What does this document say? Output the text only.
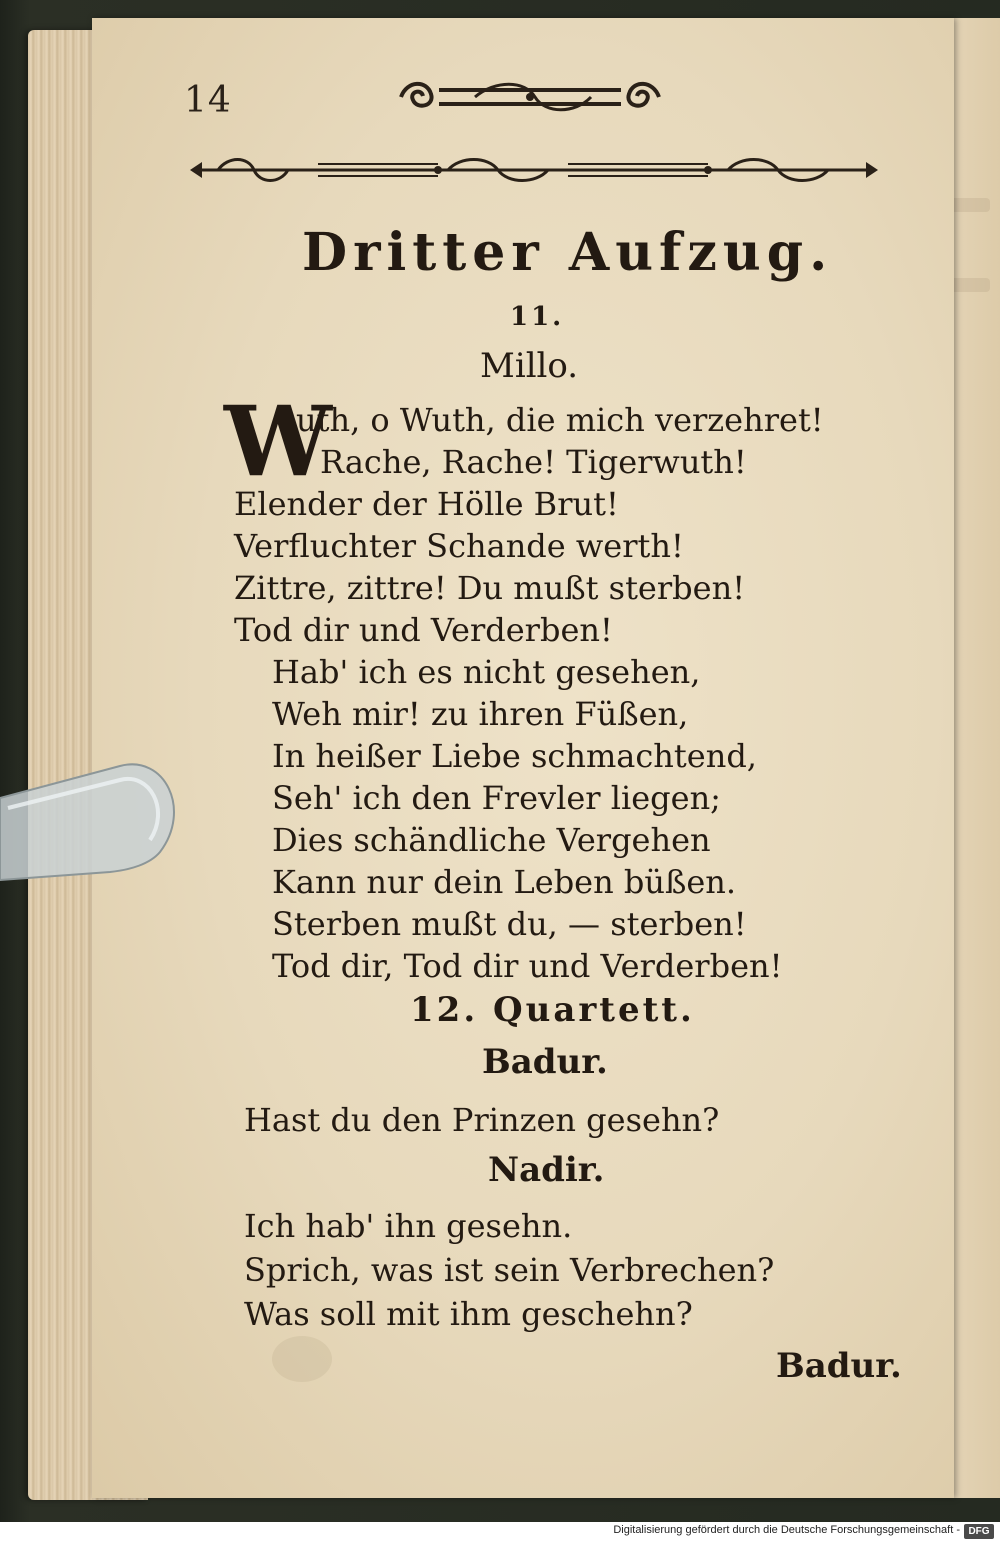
14
Dritter Aufzug.
11.
Millo.
W
uth, o Wuth, die mich verzehret!
Rache, Rache! Tigerwuth!
Elender der Hölle Brut!
Verfluchter Schande werth!
Zittre, zittre! Du mußt sterben!
Tod dir und Verderben!
Hab' ich es nicht gesehen,
Weh mir! zu ihren Füßen,
In heißer Liebe schmachtend,
Seh' ich den Frevler liegen;
Dies schändliche Vergehen
Kann nur dein Leben büßen.
Sterben mußt du, — sterben!
Tod dir, Tod dir und Verderben!
12. Quartett.
Badur.
Hast du den Prinzen gesehn?
Nadir.
Ich hab' ihn gesehn.
Sprich, was ist sein Verbrechen?
Was soll mit ihm geschehn?
Badur.
Digitalisierung gefördert durch die Deutsche Forschungsgemeinschaft - DFG
